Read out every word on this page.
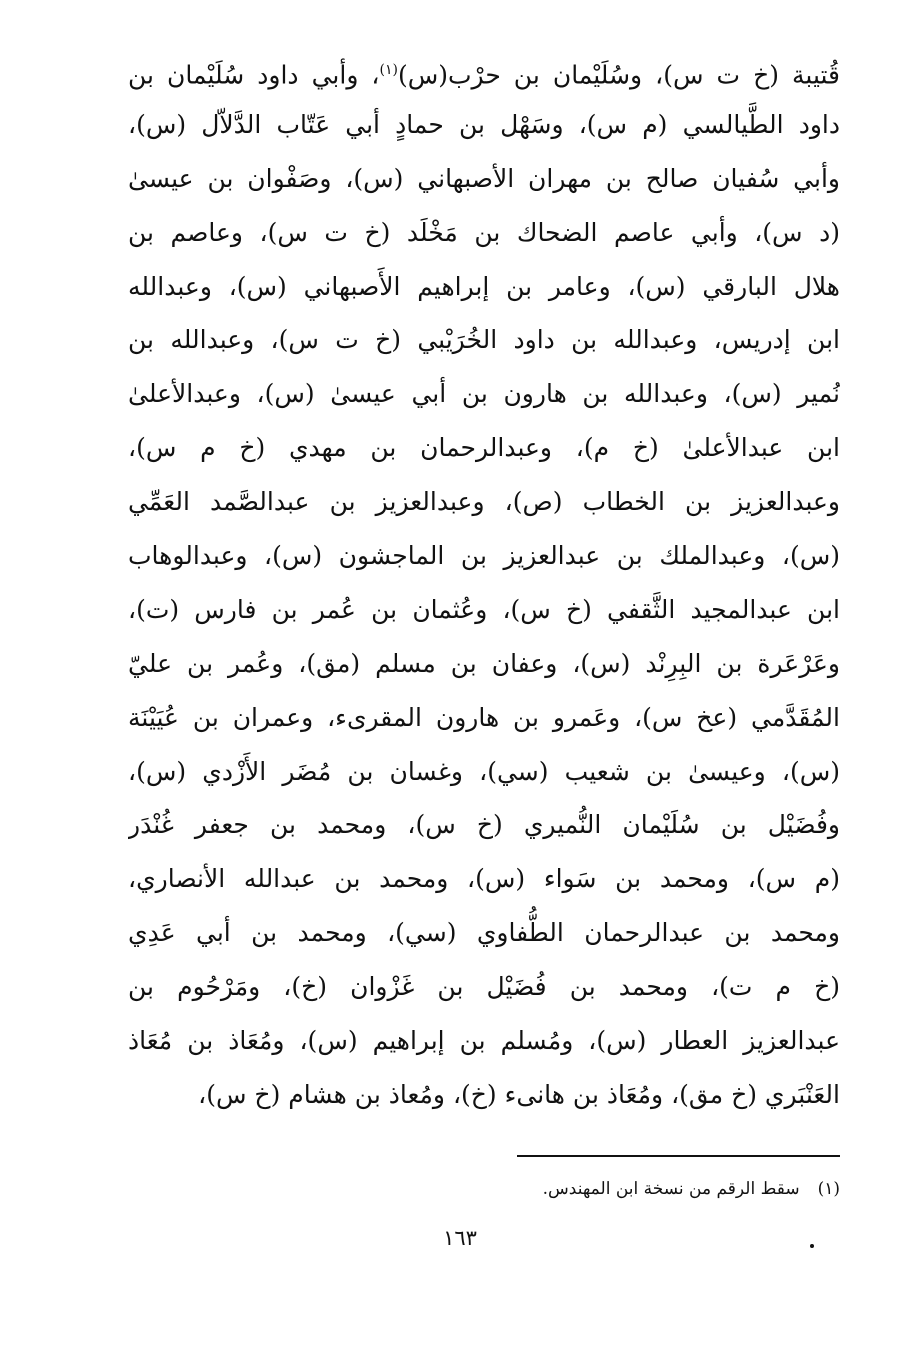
قُتيبة (خ ت س)، وسُلَيْمان بن حرْب(س)$^{(١)}$، وأبي داود سُلَيْمان بن
داود الطَّيالسي (م س)، وسَهْل بن حمادٍ أبي عَتّاب الدَّلاّل (س)،
وأبي سُفيان صالح بن مهران الأصبهاني (س)، وصَفْوان بن عيسىٰ
(د س)، وأبي عاصم الضحاك بن مَخْلَد (خ ت س)، وعاصم بن
هلال البارقي (س)، وعامر بن إبراهيم الأَصبهاني (س)، وعبدالله
ابن إدريس، وعبدالله بن داود الخُرَيْبي (خ ت س)، وعبدالله بن
نُمير (س)، وعبدالله بن هارون بن أبي عيسىٰ (س)، وعبدالأعلىٰ
ابن عبدالأعلىٰ (خ م)، وعبدالرحمان بن مهدي (خ م س)،
وعبدالعزيز بن الخطاب (ص)، وعبدالعزيز بن عبدالصَّمد العَمِّي
(س)، وعبدالملك بن عبدالعزيز بن الماجشون (س)، وعبدالوهاب
ابن عبدالمجيد الثَّقفي (خ س)، وعُثمان بن عُمر بن فارس (ت)،
وعَرْعَرة بن البِرِنْد (س)، وعفان بن مسلم (مق)، وعُمر بن عليّ
المُقَدَّمي (عخ س)، وعَمرو بن هارون المقرىء، وعمران بن عُيَيْنَة
(س)، وعيسىٰ بن شعيب (سي)، وغسان بن مُضَر الأَزْدي (س)،
وفُضَيْل بن سُلَيْمان النُّميري (خ س)، ومحمد بن جعفر غُنْدَر
(م س)، ومحمد بن سَواء (س)، ومحمد بن عبدالله الأنصاري،
ومحمد بن عبدالرحمان الطُّفاوي (سي)، ومحمد بن أبي عَدِي
(خ م ت)، ومحمد بن فُضَيْل بن غَزْوان (خ)، ومَرْحُوم بن
عبدالعزيز العطار (س)، ومُسلم بن إبراهيم (س)، ومُعَاذ بن مُعَاذ
العَنْبَري (خ مق)، ومُعَاذ بن هانىء (خ)، ومُعاذ بن هشام (خ س)،
(١)سقط الرقم من نسخة ابن المهندس.
١٦٣
